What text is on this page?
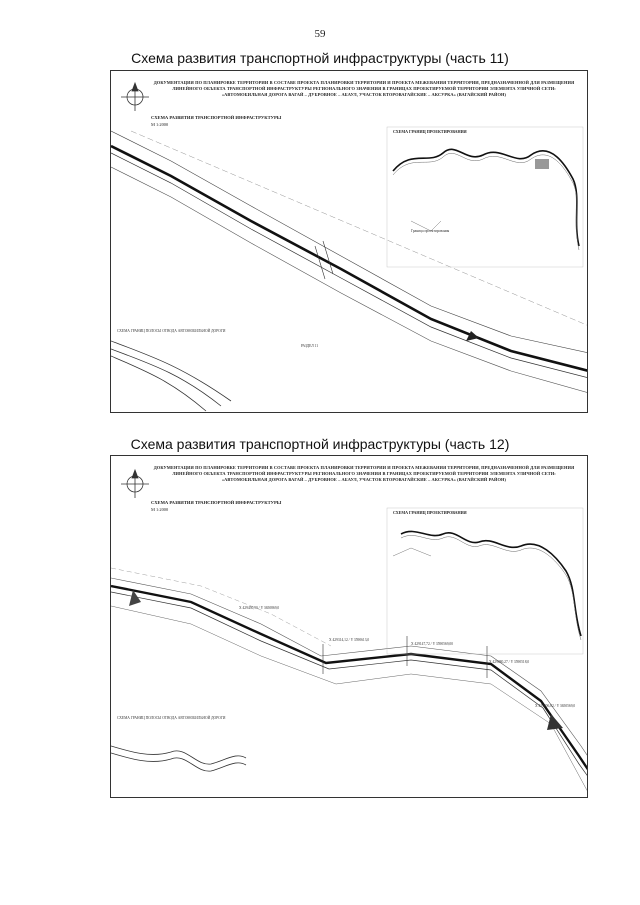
59
Схема развития транспортной инфраструктуры (часть 11)
ДОКУМЕНТАЦИЯ ПО ПЛАНИРОВКЕ ТЕРРИТОРИИ В СОСТАВЕ ПРОЕКТА ПЛАНИРОВКИ ТЕРРИТОРИИ И ПРОЕКТА МЕЖЕВАНИЯ ТЕРРИТОРИИ, ПРЕДНАЗНАЧЕННОЙ ДЛЯ РАЗМЕЩЕНИЯ ЛИНЕЙНОГО ОБЪЕКТА ТРАНСПОРТНОЙ ИНФРАСТРУКТУРЫ РЕГИОНАЛЬНОГО ЗНАЧЕНИЯ В ГРАНИЦАХ ПРОЕКТИРУЕМОЙ ТЕРРИТОРИИ ЭЛЕМЕНТА УЛИЧНОЙ СЕТИ: «АВТОМОБИЛЬНАЯ ДОРОГА ВАГАЙ – ДУБРОВНОЕ – АБАУЛ, УЧАСТОК ВТОРОВАГАЙСКИЕ – АКСУРКА» (ВАГАЙСКИЙ РАЙОН)
СХЕМА РАЗВИТИЯ ТРАНСПОРТНОЙ ИНФРАСТРУКТУРЫ
М 1:2000
СХЕМА ГРАНИЦ ПРОЕКТИРОВАНИЯ
СХЕМА ГРАНИЦ ПОЛОСЫ ОТВОДА АВТОМОБИЛЬНОЙ ДОРОГИ
РАЗДЕЛ 11
Граница проектирования
Схема развития транспортной инфраструктуры (часть 12)
ДОКУМЕНТАЦИЯ ПО ПЛАНИРОВКЕ ТЕРРИТОРИИ В СОСТАВЕ ПРОЕКТА ПЛАНИРОВКИ ТЕРРИТОРИИ И ПРОЕКТА МЕЖЕВАНИЯ ТЕРРИТОРИИ, ПРЕДНАЗНАЧЕННОЙ ДЛЯ РАЗМЕЩЕНИЯ ЛИНЕЙНОГО ОБЪЕКТА ТРАНСПОРТНОЙ ИНФРАСТРУКТУРЫ РЕГИОНАЛЬНОГО ЗНАЧЕНИЯ В ГРАНИЦАХ ПРОЕКТИРУЕМОЙ ТЕРРИТОРИИ ЭЛЕМЕНТА УЛИЧНОЙ СЕТИ: «АВТОМОБИЛЬНАЯ ДОРОГА ВАГАЙ – ДУБРОВНОЕ – АБАУЛ, УЧАСТОК ВТОРОВАГАЙСКИЕ – АКСУРКА» (ВАГАЙСКИЙ РАЙОН)
СХЕМА РАЗВИТИЯ ТРАНСПОРТНОЙ ИНФРАСТРУКТУРЫ
М 1:2000
СХЕМА ГРАНИЦ ПРОЕКТИРОВАНИЯ
СХЕМА ГРАНИЦ ПОЛОСЫ ОТВОДА АВТОМОБИЛЬНОЙ ДОРОГИ
Х 429450,90 / Y 3650869,0
Х 429314,12 / Y 3590613,0
Х 429147,72 / Y 3590569,00
Х 429080,27 / Y 3590518,0
Х 429006,82 / Y 3650569,0
